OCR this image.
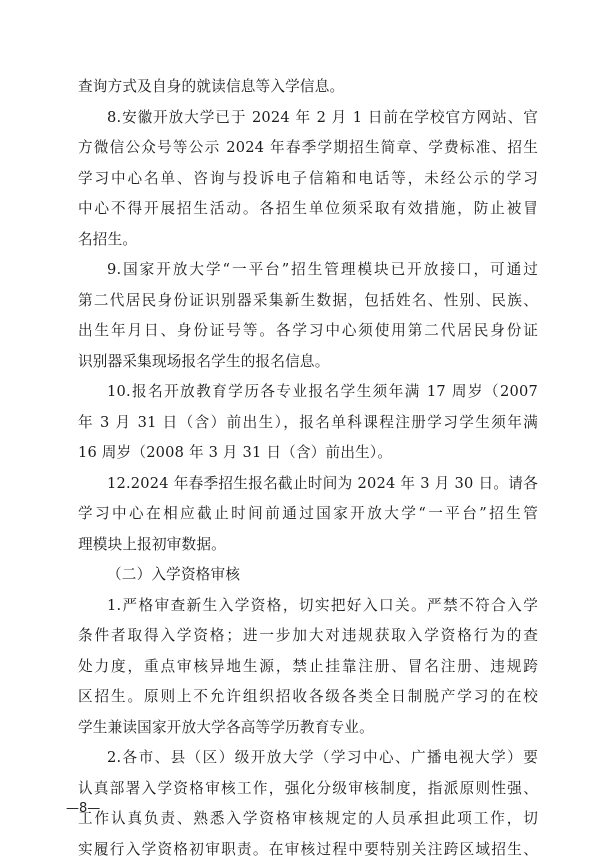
查询方式及自身的就读信息等入学信息。
8.安徽开放大学已于 2024 年 2 月 1 日前在学校官方网站、官
方微信公众号等公示 2024 年春季学期招生简章、学费标准、招生
学习中心名单、咨询与投诉电子信箱和电话等，未经公示的学习
中心不得开展招生活动。各招生单位须采取有效措施，防止被冒
名招生。
9.国家开放大学“一平台”招生管理模块已开放接口，可通过
第二代居民身份证识别器采集新生数据，包括姓名、性别、民族、
出生年月日、身份证号等。各学习中心须使用第二代居民身份证
识别器采集现场报名学生的报名信息。
10.报名开放教育学历各专业报名学生须年满 17 周岁（2007
年 3 月 31 日（含）前出生），报名单科课程注册学习学生须年满
16 周岁（2008 年 3 月 31 日（含）前出生）。
12.2024 年春季招生报名截止时间为 2024 年 3 月 30 日。请各
学习中心在相应截止时间前通过国家开放大学“一平台”招生管
理模块上报初审数据。
（二）入学资格审核
1.严格审查新生入学资格，切实把好入口关。严禁不符合入学
条件者取得入学资格；进一步加大对违规获取入学资格行为的查
处力度，重点审核异地生源，禁止挂靠注册、冒名注册、违规跨
区招生。原则上不允许组织招收各级各类全日制脱产学习的在校
学生兼读国家开放大学各高等学历教育专业。
2.各市、县（区）级开放大学（学习中心、广播电视大学）要
认真部署入学资格审核工作，强化分级审核制度，指派原则性强、
工作认真负责、熟悉入学资格审核规定的人员承担此项工作，切
实履行入学资格初审职责。在审核过程中要特别关注跨区域招生、
—8—
